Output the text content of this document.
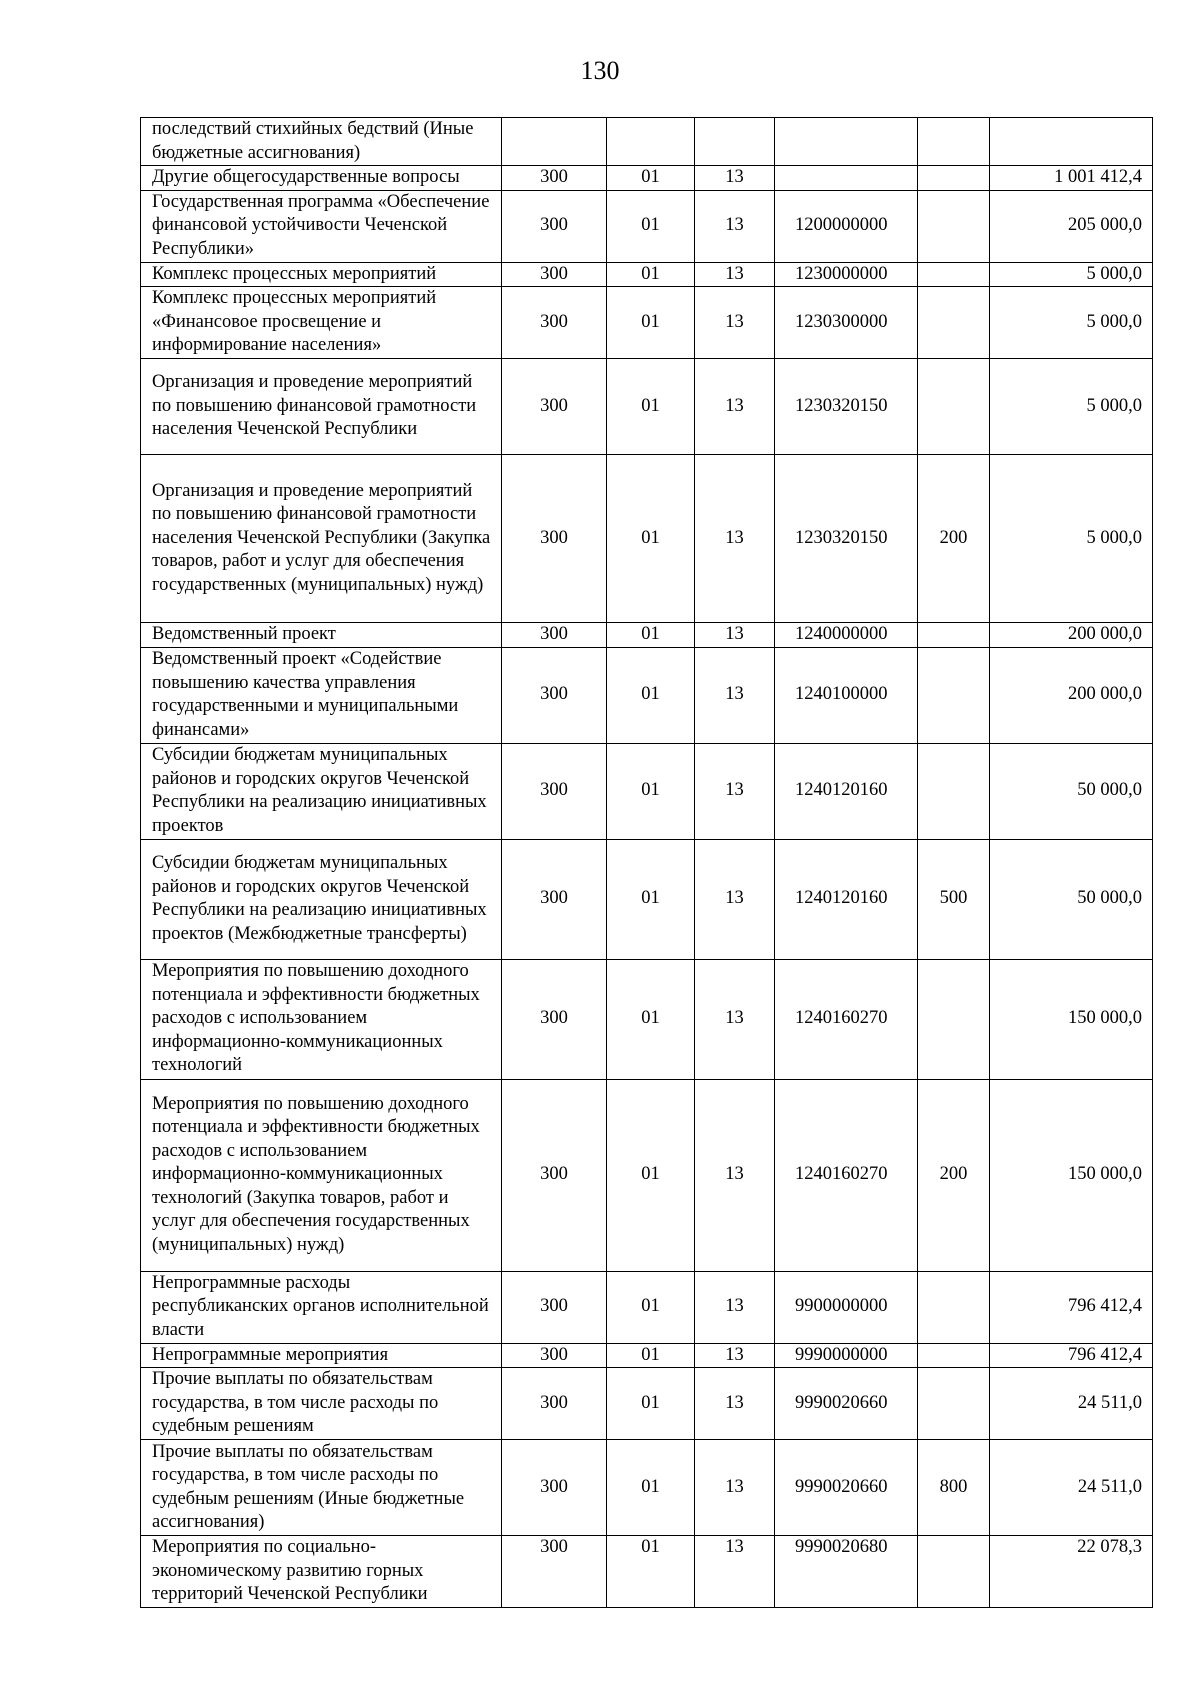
130
последствий стихийных бедствий (Иные бюджетные ассигнования)						
Другие общегосударственные вопросы	300	01	13			1 001 412,4
Государственная программа «Обеспечение финансовой устойчивости Чеченской Республики»	300	01	13	1200000000		205 000,0
Комплекс процессных мероприятий	300	01	13	1230000000		5 000,0
Комплекс процессных мероприятий «Финансовое просвещение и информирование населения»	300	01	13	1230300000		5 000,0
Организация и проведение мероприятий по повышению финансовой грамотности населения Чеченской Республики	300	01	13	1230320150		5 000,0
Организация и проведение мероприятий по повышению финансовой грамотности населения Чеченской Республики (Закупка товаров, работ и услуг для обеспечения государственных (муниципальных) нужд)	300	01	13	1230320150	200	5 000,0
Ведомственный проект	300	01	13	1240000000		200 000,0
Ведомственный проект «Содействие повышению качества управления государственными и муниципальными финансами»	300	01	13	1240100000		200 000,0
Субсидии бюджетам муниципальных районов и городских округов Чеченской Республики на реализацию инициативных проектов	300	01	13	1240120160		50 000,0
Субсидии бюджетам муниципальных районов и городских округов Чеченской Республики на реализацию инициативных проектов (Межбюджетные трансферты)	300	01	13	1240120160	500	50 000,0
Мероприятия по повышению доходного потенциала и эффективности бюджетных расходов с использованием информационно-коммуникационных технологий	300	01	13	1240160270		150 000,0
Мероприятия по повышению доходного потенциала и эффективности бюджетных расходов с использованием информационно-коммуникационных технологий (Закупка товаров, работ и услуг для обеспечения государственных (муниципальных) нужд)	300	01	13	1240160270	200	150 000,0
Непрограммные расходы республиканских органов исполнительной власти	300	01	13	9900000000		796 412,4
Непрограммные мероприятия	300	01	13	9990000000		796 412,4
Прочие выплаты по обязательствам государства, в том числе расходы по судебным решениям	300	01	13	9990020660		24 511,0
Прочие выплаты по обязательствам государства, в том числе расходы по судебным решениям (Иные бюджетные ассигнования)	300	01	13	9990020660	800	24 511,0
Мероприятия по социально-экономическому развитию горных территорий Чеченской Республики	300	01	13	9990020680		22 078,3
